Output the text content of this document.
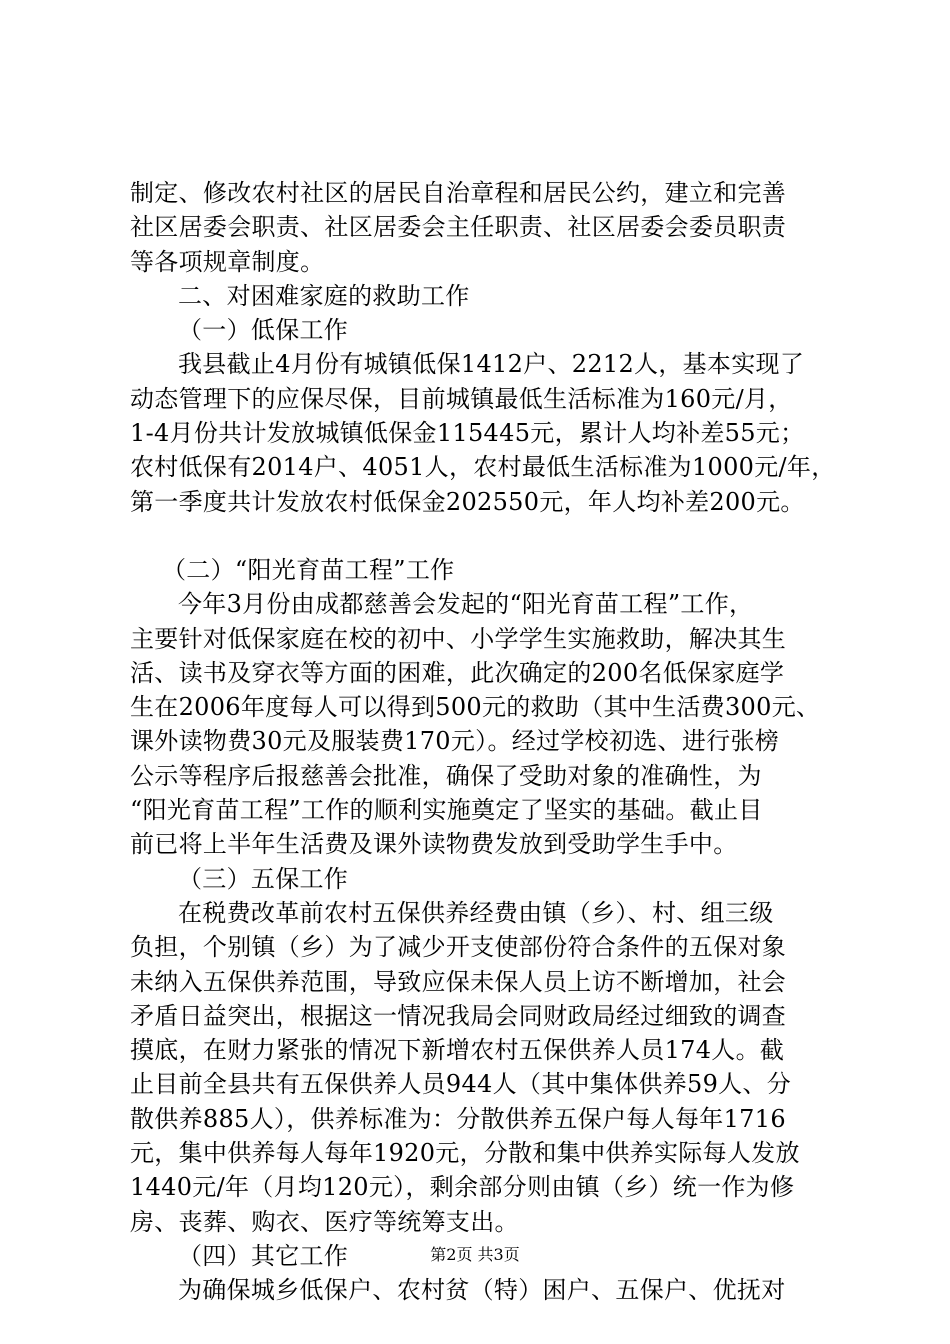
制定、修改农村社区的居民自治章程和居民公约，建立和完善
社区居委会职责、社区居委会主任职责、社区居委会委员职责
等各项规章制度。
二、对困难家庭的救助工作
（一）低保工作
我县截止4月份有城镇低保1412户、2212人，基本实现了
动态管理下的应保尽保，目前城镇最低生活标准为160元/月，
1-4月份共计发放城镇低保金115445元，累计人均补差55元；
农村低保有2014户、4051人，农村最低生活标准为1000元/年，
第一季度共计发放农村低保金202550元，年人均补差200元。
（二）“阳光育苗工程”工作
今年3月份由成都慈善会发起的“阳光育苗工程”工作，
主要针对低保家庭在校的初中、小学学生实施救助，解决其生
活、读书及穿衣等方面的困难，此次确定的200名低保家庭学
生在2006年度每人可以得到500元的救助（其中生活费300元、
课外读物费30元及服装费170元）。经过学校初选、进行张榜
公示等程序后报慈善会批准，确保了受助对象的准确性，为
“阳光育苗工程”工作的顺利实施奠定了坚实的基础。截止目
前已将上半年生活费及课外读物费发放到受助学生手中。
（三）五保工作
在税费改革前农村五保供养经费由镇（乡）、村、组三级
负担，个别镇（乡）为了减少开支使部份符合条件的五保对象
未纳入五保供养范围，导致应保未保人员上访不断增加，社会
矛盾日益突出，根据这一情况我局会同财政局经过细致的调查
摸底，在财力紧张的情况下新增农村五保供养人员174人。截
止目前全县共有五保供养人员944人（其中集体供养59人、分
散供养885人），供养标准为：分散供养五保户每人每年1716
元，集中供养每人每年1920元，分散和集中供养实际每人发放
1440元/年（月均120元），剩余部分则由镇（乡）统一作为修
房、丧葬、购衣、医疗等统筹支出。
（四）其它工作
为确保城乡低保户、农村贫（特）困户、五保户、优抚对
第2页 共3页
